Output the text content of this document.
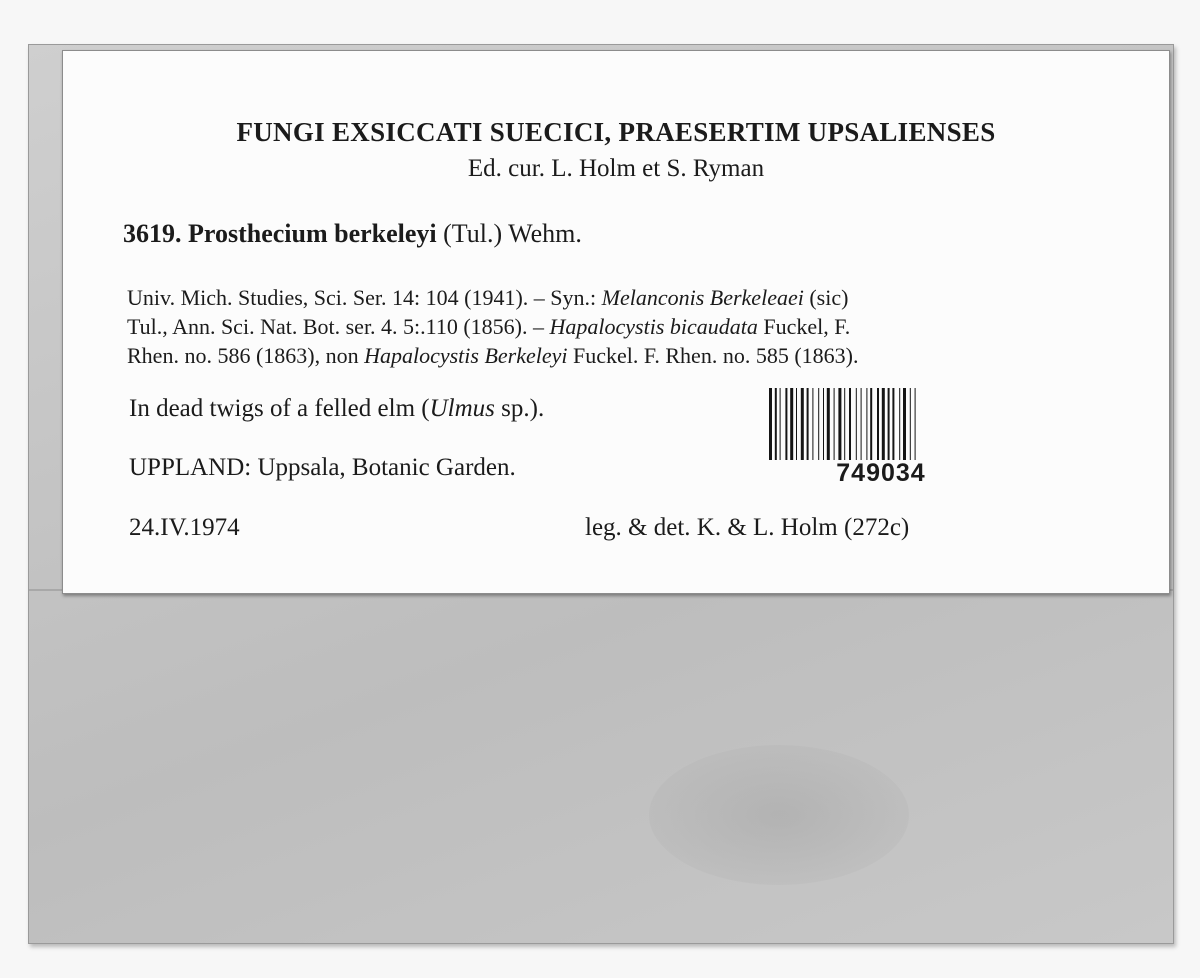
FUNGI EXSICCATI SUECICI, PRAESERTIM UPSALIENSES
Ed. cur. L. Holm et S. Ryman
3619. Prosthecium berkeleyi (Tul.) Wehm.
Univ. Mich. Studies, Sci. Ser. 14: 104 (1941). – Syn.: Melanconis Berkeleaei (sic)
Tul., Ann. Sci. Nat. Bot. ser. 4. 5:.110 (1856). – Hapalocystis bicaudata Fuckel, F.
Rhen. no. 586 (1863), non Hapalocystis Berkeleyi Fuckel. F. Rhen. no. 585 (1863).
In dead twigs of a felled elm (Ulmus sp.).
UPPLAND: Uppsala, Botanic Garden.
24.IV.1974	leg. & det. K. & L. Holm (272c)
749034
